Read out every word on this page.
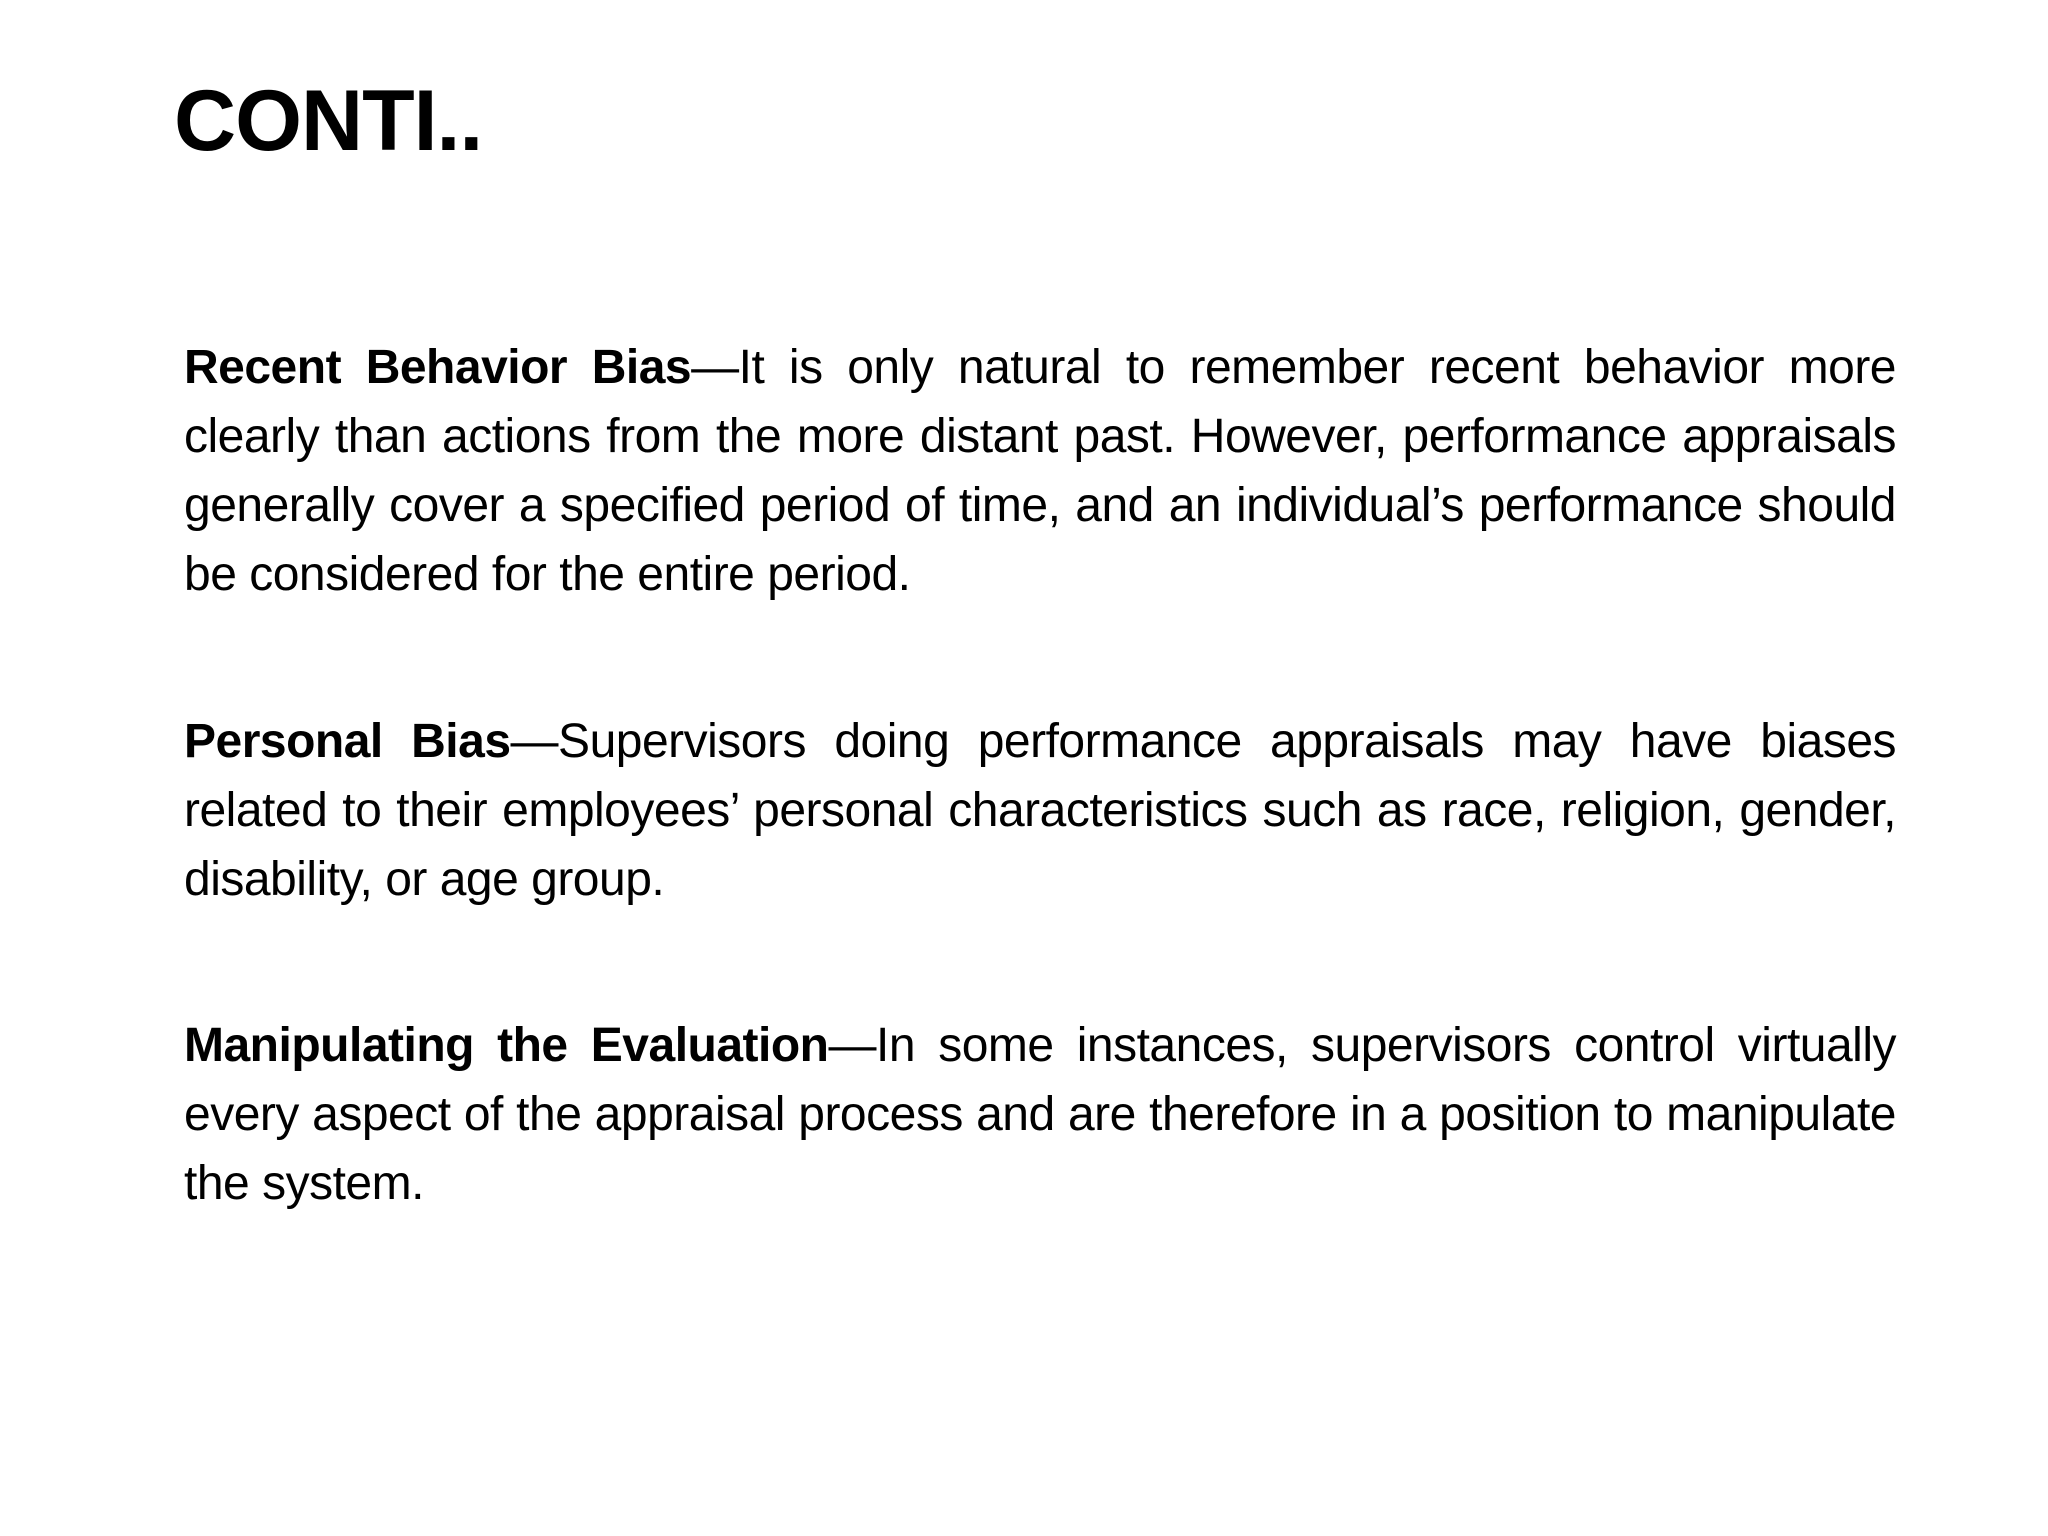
CONTI..

Recent Behavior Bias—It is only natural to remember recent behavior more clearly than actions from the more distant past. However, performance appraisals generally cover a specified period of time, and an individual’s performance should be considered for the entire period.

Personal Bias—Supervisors doing performance appraisals may have biases related to their employees’ personal characteristics such as race, religion, gender, disability, or age group.

Manipulating the Evaluation—In some instances, supervisors control virtually every aspect of the appraisal process and are therefore in a position to manipulate the system.
